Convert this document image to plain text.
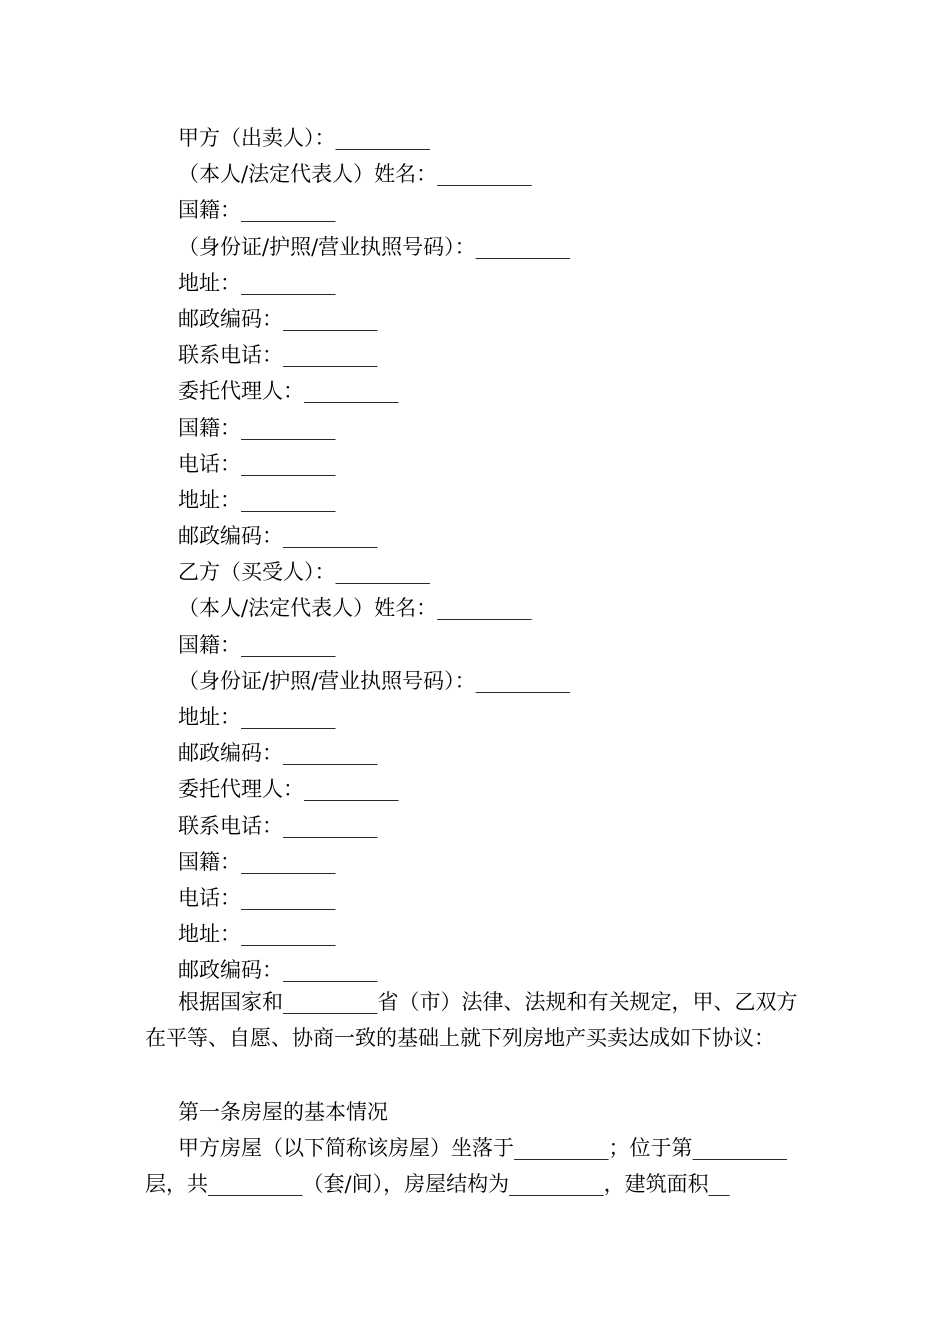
甲方（出卖人）：_________
（本人/法定代表人）姓名：_________
国籍：_________
（身份证/护照/营业执照号码）：_________
地址：_________
邮政编码：_________
联系电话：_________
委托代理人：_________
国籍：_________
电话：_________
地址：_________
邮政编码：_________
乙方（买受人）：_________
（本人/法定代表人）姓名：_________
国籍：_________
（身份证/护照/营业执照号码）：_________
地址：_________
邮政编码：_________
委托代理人：_________
联系电话：_________
国籍：_________
电话：_________
地址：_________
邮政编码：_________
根据国家和_________省（市）法律、法规和有关规定，甲、乙双方在平等、自愿、协商一致的基础上就下列房地产买卖达成如下协议：
第一条房屋的基本情况
甲方房屋（以下简称该房屋）坐落于_________；位于第_________层，共_________（套/间），房屋结构为_________，建筑面积__
